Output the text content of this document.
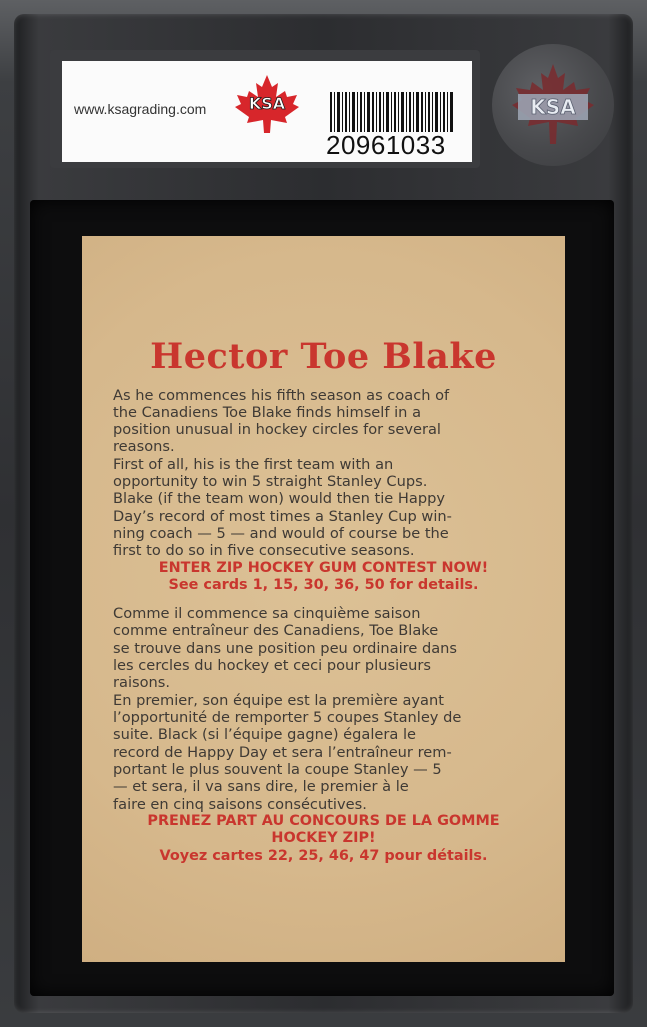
www.ksagrading.com	KSA
20961033
KSA
Hector Toe Blake
As he commences his fifth season as coach of
the Canadiens Toe Blake finds himself in a
position unusual in hockey circles for several
reasons.
First of all, his is the first team with an
opportunity to win 5 straight Stanley Cups.
Blake (if the team won) would then tie Happy
Day’s record of most times a Stanley Cup win-
ning coach — 5 — and would of course be the
first to do so in five consecutive seasons.
ENTER ZIP HOCKEY GUM CONTEST NOW!
See cards 1, 15, 30, 36, 50 for details.
Comme il commence sa cinquième saison
comme entraîneur des Canadiens, Toe Blake
se trouve dans une position peu ordinaire dans
les cercles du hockey et ceci pour plusieurs
raisons.
En premier, son équipe est la première ayant
l’opportunité de remporter 5 coupes Stanley de
suite. Black (si l’équipe gagne) égalera le
record de Happy Day et sera l’entraîneur rem-
portant le plus souvent la coupe Stanley — 5
— et sera, il va sans dire, le premier à le
faire en cinq saisons consécutives.
PRENEZ PART AU CONCOURS DE LA GOMME
HOCKEY ZIP!
Voyez cartes 22, 25, 46, 47 pour détails.
